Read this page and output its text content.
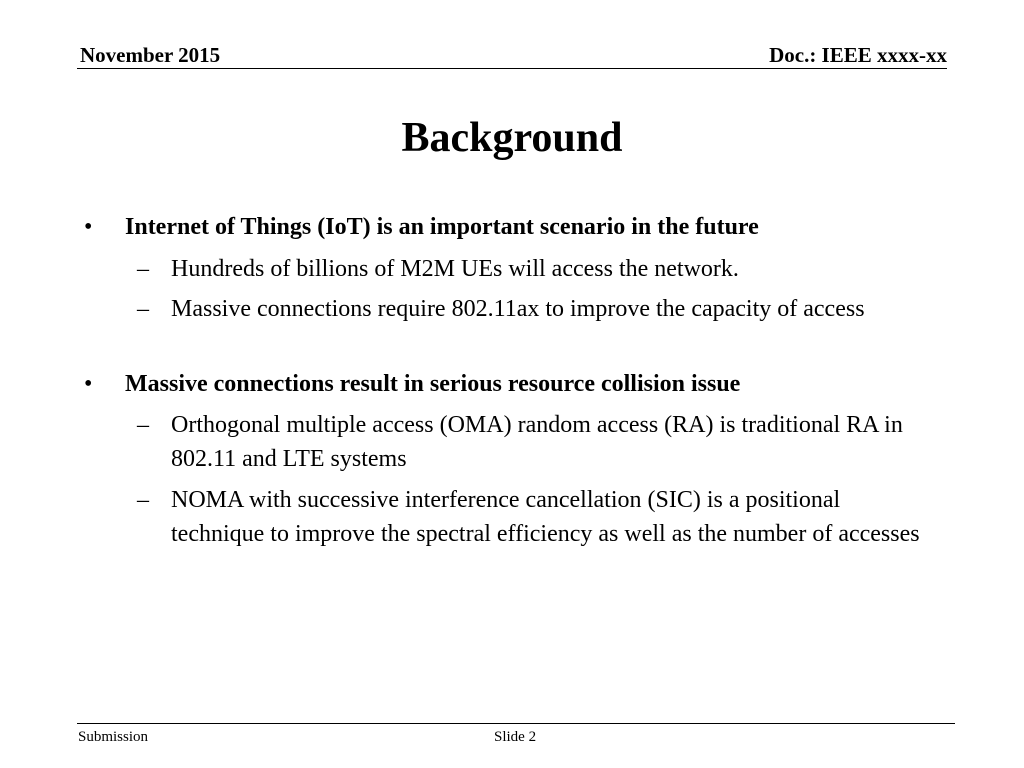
November 2015	Doc.: IEEE xxxx-xx
Background
• Internet of Things (IoT) is an important scenario in the future
– Hundreds of billions of M2M UEs will access the network.
– Massive connections require 802.11ax to improve the capacity of access
• Massive connections result in serious resource collision issue
– Orthogonal multiple access (OMA) random access (RA) is traditional RA in 802.11 and LTE systems
– NOMA with successive interference cancellation (SIC) is a positional technique to improve the spectral efficiency as well as the number of accesses
Submission	Slide 2
